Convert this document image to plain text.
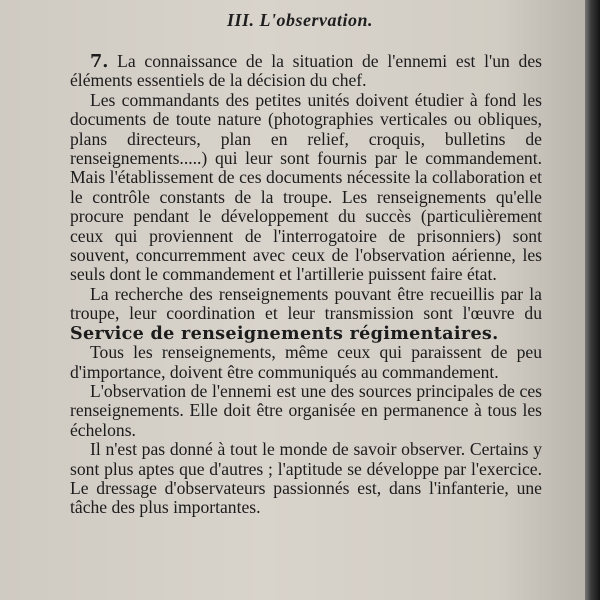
III. L'observation.

7. La connaissance de la situation de l'ennemi est l'un des éléments essentiels de la décision du chef.

Les commandants des petites unités doivent étudier à fond les documents de toute nature (photographies verticales ou obliques, plans directeurs, plan en relief, croquis, bulletins de renseignements.....) qui leur sont fournis par le commandement. Mais l'établissement de ces documents nécessite la collaboration et le contrôle constants de la troupe. Les renseignements qu'elle procure pendant le développement du succès (particulièrement ceux qui proviennent de l'interrogatoire de prisonniers) sont souvent, concurremment avec ceux de l'observation aérienne, les seuls dont le commandement et l'artillerie puissent faire état.

La recherche des renseignements pouvant être recueillis par la troupe, leur coordination et leur transmission sont l'œuvre du Service de renseignements régimentaires.

Tous les renseignements, même ceux qui paraissent de peu d'importance, doivent être communiqués au commandement.

L'observation de l'ennemi est une des sources principales de ces renseignements. Elle doit être organisée en permanence à tous les échelons.

Il n'est pas donné à tout le monde de savoir observer. Certains y sont plus aptes que d'autres ; l'aptitude se développe par l'exercice. Le dressage d'observateurs passionnés est, dans l'infanterie, une tâche des plus importantes.
